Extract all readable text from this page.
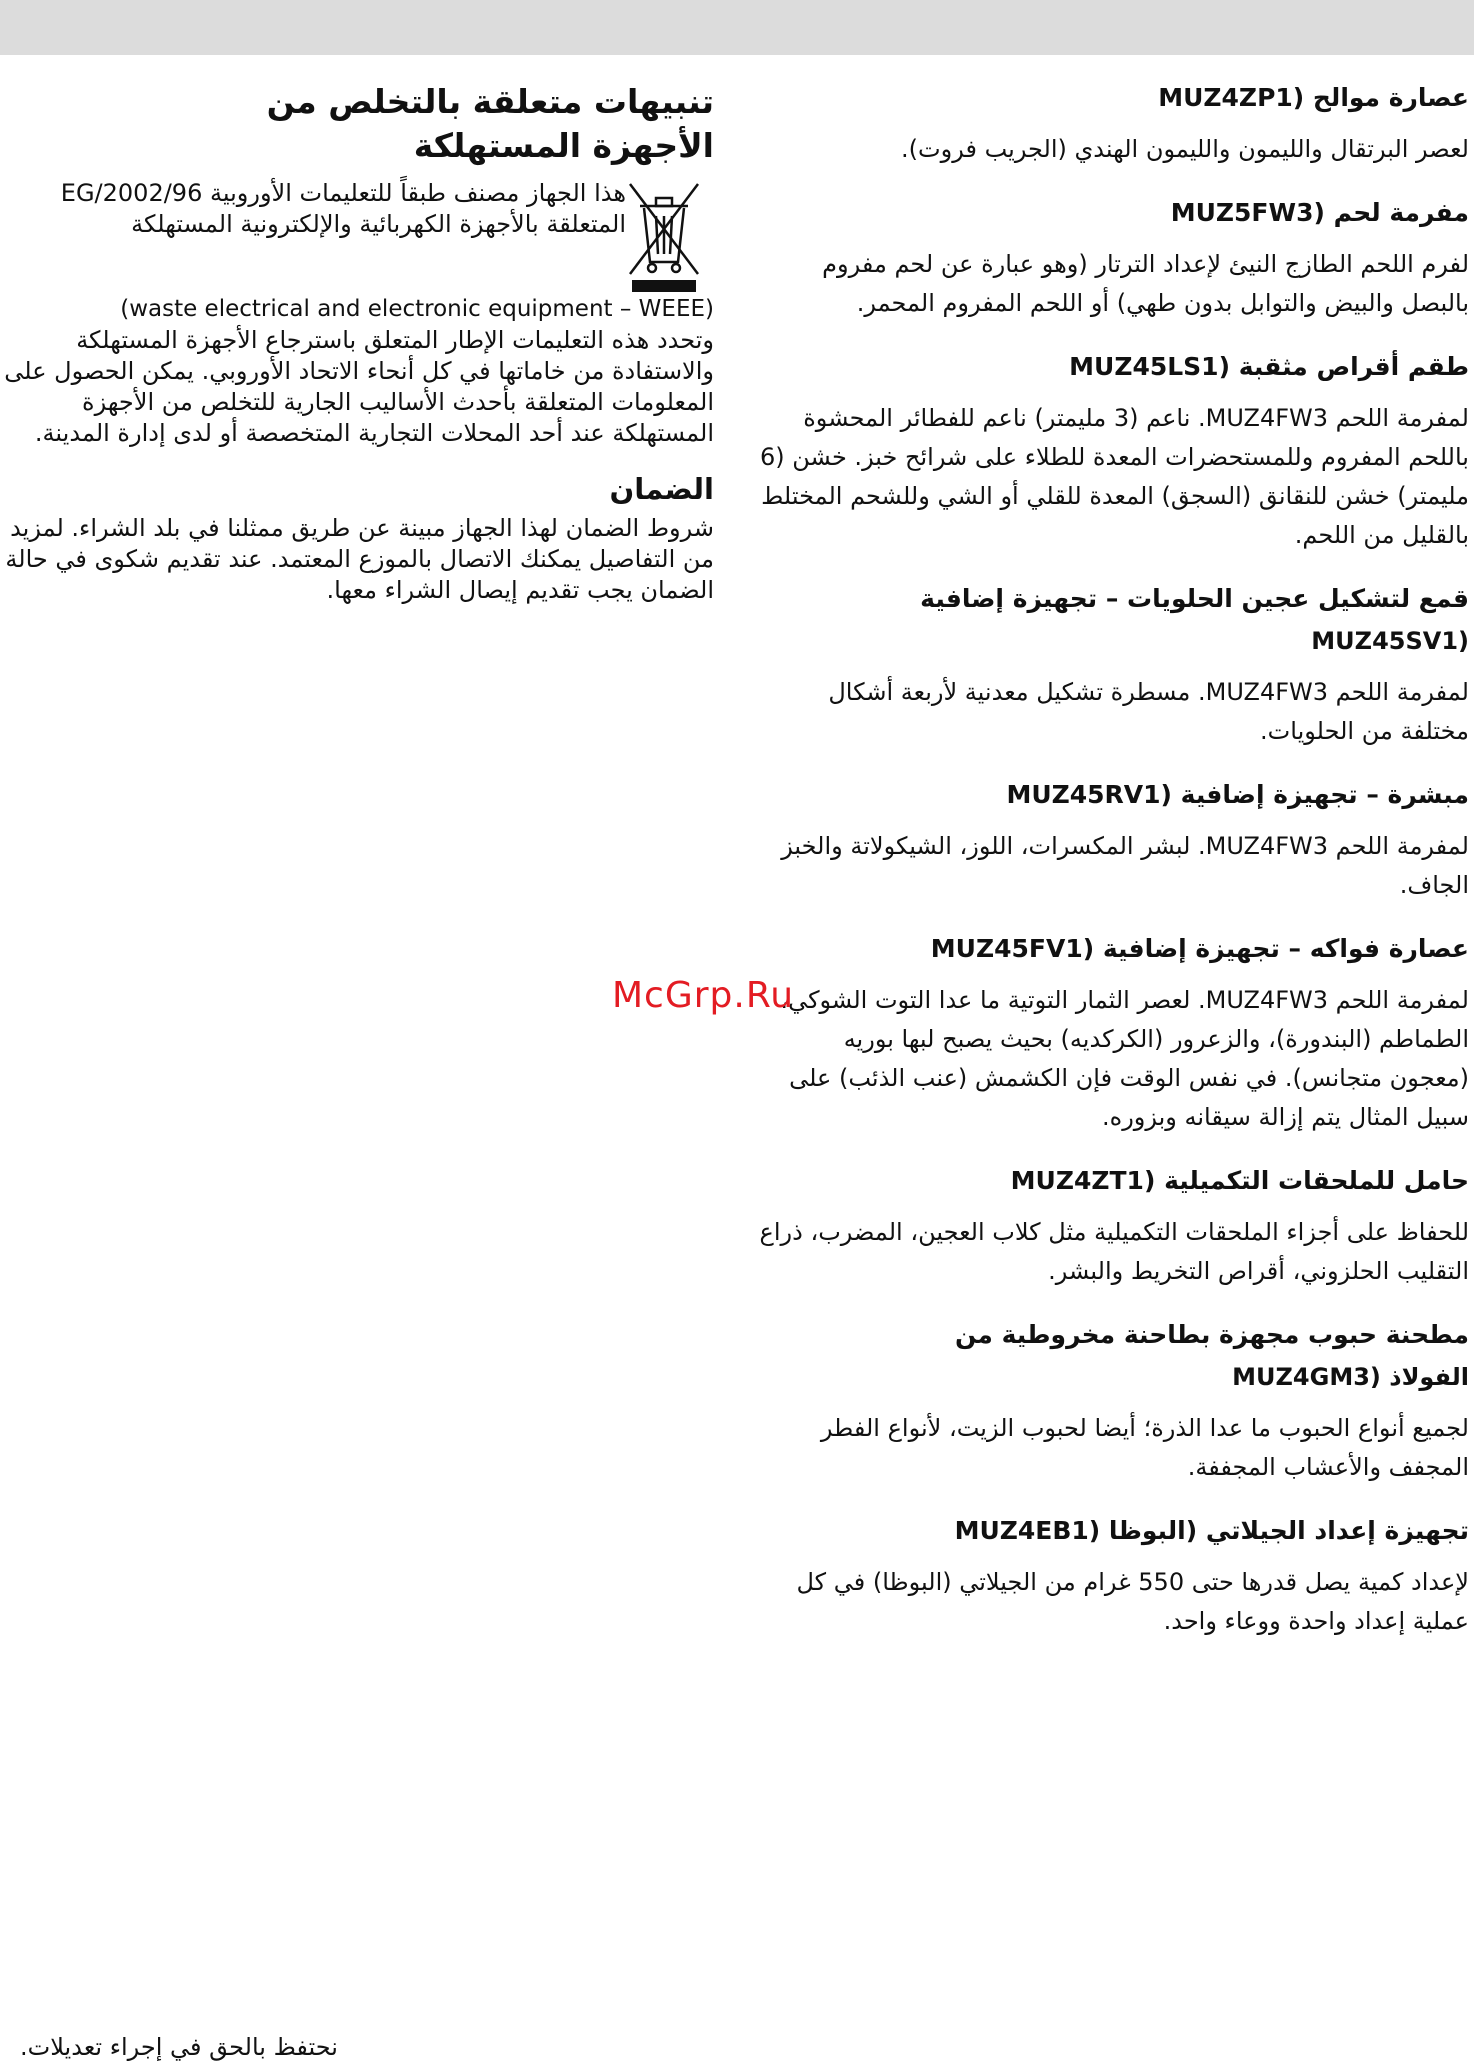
عصارة موالح (MUZ4ZP1

لعصر البرتقال والليمون والليمون الهندي (الجريب فروت).

مفرمة لحم (MUZ5FW3

لفرم اللحم الطازج النيئ لإعداد الترتار (وهو عبارة عن لحم مفروم بالبصل والبيض والتوابل بدون طهي) أو اللحم المفروم المحمر.

طقم أقراص مثقبة (MUZ45LS1

لمفرمة اللحم MUZ4FW3. ناعم (3 مليمتر) ناعم للفطائر المحشوة باللحم المفروم وللمستحضرات المعدة للطلاء على شرائح خبز. خشن (6 مليمتر) خشن للنقانق (السجق) المعدة للقلي أو الشي وللشحم المختلط بالقليل من اللحم.

قمع لتشكيل عجين الحلويات – تجهيزة إضافية
(MUZ45SV1

لمفرمة اللحم MUZ4FW3. مسطرة تشكيل معدنية لأربعة أشكال مختلفة من الحلويات.

مبشرة – تجهيزة إضافية (MUZ45RV1

لمفرمة اللحم MUZ4FW3. لبشر المكسرات، اللوز، الشيكولاتة والخبز الجاف.

عصارة فواكه – تجهيزة إضافية (MUZ45FV1

لمفرمة اللحم MUZ4FW3. لعصر الثمار التوتية ما عدا التوت الشوكي، الطماطم (البندورة)، والزعرور (الكركديه) بحيث يصبح لبها بوريه (معجون متجانس). في نفس الوقت فإن الكشمش (عنب الذئب) على سبيل المثال يتم إزالة سيقانه وبزوره.

حامل للملحقات التكميلية (MUZ4ZT1

للحفاظ على أجزاء الملحقات التكميلية مثل كلاب العجين، المضرب، ذراع التقليب الحلزوني، أقراص التخريط والبشر.

مطحنة حبوب مجهزة بطاحنة مخروطية من
الفولاذ (MUZ4GM3

لجميع أنواع الحبوب ما عدا الذرة؛ أيضا لحبوب الزيت، لأنواع الفطر المجفف والأعشاب المجففة.

تجهيزة إعداد الجيلاتي (البوظا (MUZ4EB1

لإعداد كمية يصل قدرها حتى 550 غرام من الجيلاتي (البوظا) في كل عملية إعداد واحدة ووعاء واحد.

تنبيهات متعلقة بالتخلص من
الأجهزة المستهلكة
هذا الجهاز مصنف طبقاً للتعليمات الأوروبية 2002/96/EG المتعلقة بالأجهزة الكهربائية والإلكترونية المستهلكة
(waste electrical and electronic equipment – WEEE)

وتحدد هذه التعليمات الإطار المتعلق باسترجاع الأجهزة المستهلكة والاستفادة من خاماتها في كل أنحاء الاتحاد الأوروبي. يمكن الحصول على المعلومات المتعلقة بأحدث الأساليب الجارية للتخلص من الأجهزة المستهلكة عند أحد المحلات التجارية المتخصصة أو لدى إدارة المدينة.

الضمان

شروط الضمان لهذا الجهاز مبينة عن طريق ممثلنا في بلد الشراء. لمزيد من التفاصيل يمكنك الاتصال بالموزع المعتمد. عند تقديم شكوى في حالة الضمان يجب تقديم إيصال الشراء معها.

McGrp.Ru
نحتفظ بالحق في إجراء تعديلات.
